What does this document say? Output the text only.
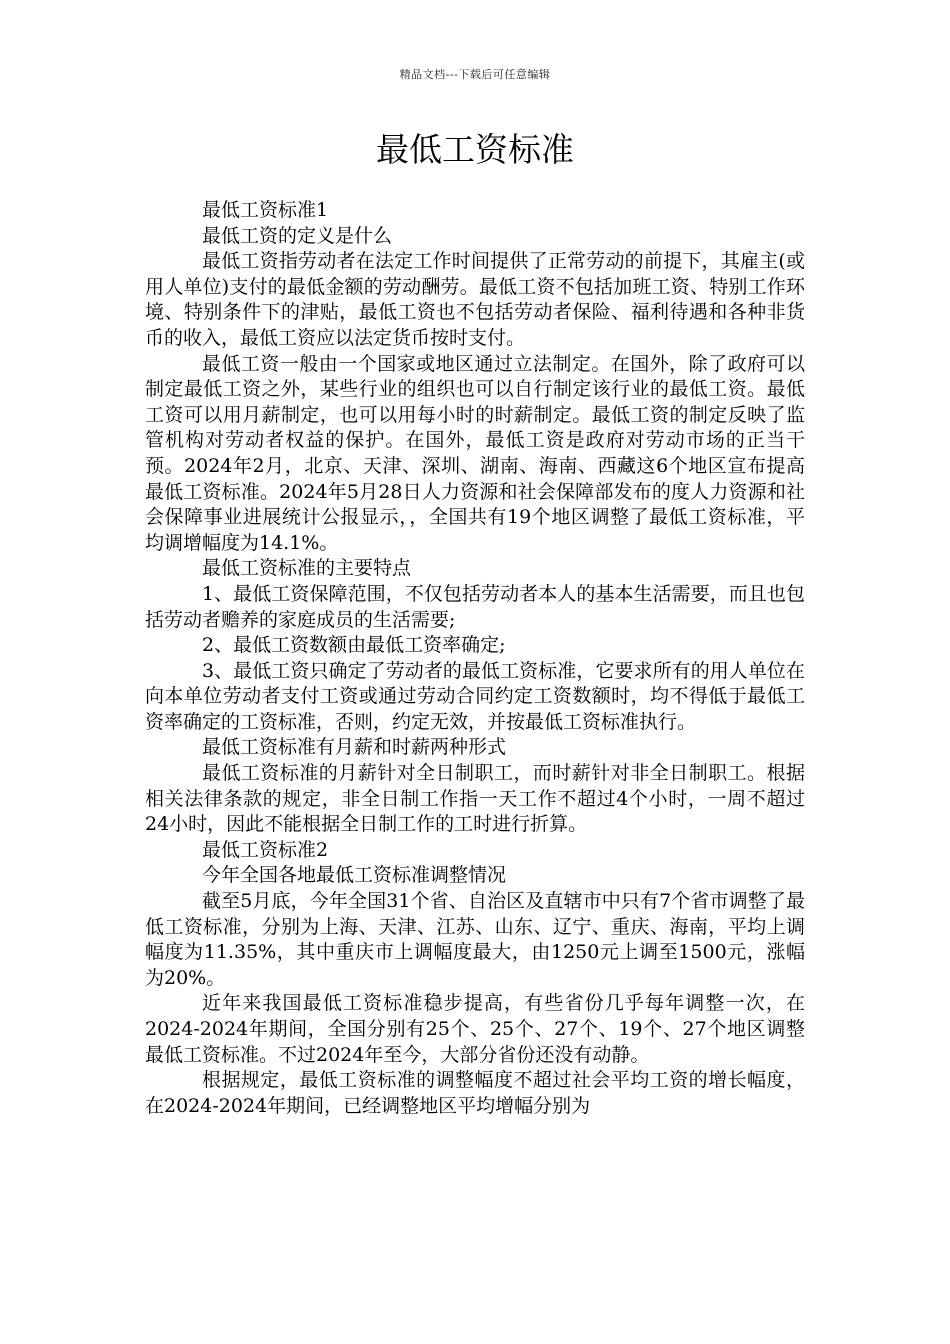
精品文档---下载后可任意编辑
最低工资标准

最低工资标准1

最低工资的定义是什么

最低工资指劳动者在法定工作时间提供了正常劳动的前提下，其雇主(或用人单位)支付的最低金额的劳动酬劳。最低工资不包括加班工资、特别工作环境、特别条件下的津贴，最低工资也不包括劳动者保险、福利待遇和各种非货币的收入，最低工资应以法定货币按时支付。

最低工资一般由一个国家或地区通过立法制定。在国外，除了政府可以制定最低工资之外，某些行业的组织也可以自行制定该行业的最低工资。最低工资可以用月薪制定，也可以用每小时的时薪制定。最低工资的制定反映了监管机构对劳动者权益的保护。在国外，最低工资是政府对劳动市场的正当干预。2024年2月，北京、天津、深圳、湖南、海南、西藏这6个地区宣布提高最低工资标准。2024年5月28日人力资源和社会保障部发布的度人力资源和社会保障事业进展统计公报显示，，全国共有19个地区调整了最低工资标准，平均调增幅度为14.1%。

最低工资标准的主要特点

1、最低工资保障范围，不仅包括劳动者本人的基本生活需要，而且也包括劳动者赡养的家庭成员的生活需要;

2、最低工资数额由最低工资率确定;

3、最低工资只确定了劳动者的最低工资标准，它要求所有的用人单位在向本单位劳动者支付工资或通过劳动合同约定工资数额时，均不得低于最低工资率确定的工资标准，否则，约定无效，并按最低工资标准执行。

最低工资标准有月薪和时薪两种形式

最低工资标准的月薪针对全日制职工，而时薪针对非全日制职工。根据相关法律条款的规定，非全日制工作指一天工作不超过4个小时，一周不超过24小时，因此不能根据全日制工作的工时进行折算。

最低工资标准2

今年全国各地最低工资标准调整情况

截至5月底，今年全国31个省、自治区及直辖市中只有7个省市调整了最低工资标准，分别为上海、天津、江苏、山东、辽宁、重庆、海南，平均上调幅度为11.35%，其中重庆市上调幅度最大，由1250元上调至1500元，涨幅为20%。

近年来我国最低工资标准稳步提高，有些省份几乎每年调整一次，在2024-2024年期间，全国分别有25个、25个、27个、19个、27个地区调整最低工资标准。不过2024年至今，大部分省份还没有动静。

根据规定，最低工资标准的调整幅度不超过社会平均工资的增长幅度，在2024-2024年期间，已经调整地区平均增幅分别为
